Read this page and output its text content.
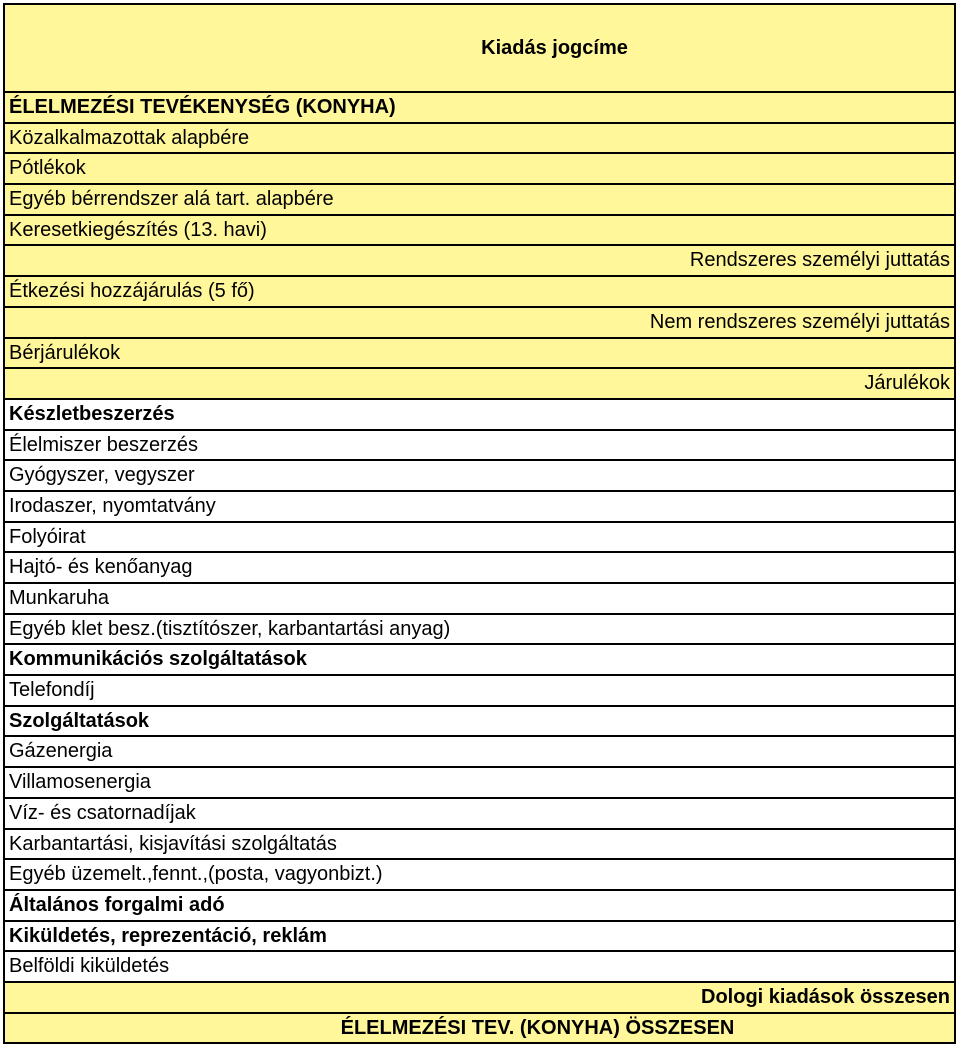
Kiadás jogcíme
ÉLELMEZÉSI TEVÉKENYSÉG (KONYHA)
Közalkalmazottak alapbére
Pótlékok
Egyéb bérrendszer alá tart. alapbére
Keresetkiegészítés (13. havi)
Rendszeres személyi juttatás
Étkezési hozzájárulás (5 fő)
Nem rendszeres személyi juttatás
Bérjárulékok
Járulékok
Készletbeszerzés
Élelmiszer beszerzés
Gyógyszer, vegyszer
Irodaszer, nyomtatvány
Folyóirat
Hajtó- és kenőanyag
Munkaruha
Egyéb klet besz.(tisztítószer, karbantartási anyag)
Kommunikációs szolgáltatások
Telefondíj
Szolgáltatások
Gázenergia
Villamosenergia
Víz- és csatornadíjak
Karbantartási, kisjavítási szolgáltatás
Egyéb üzemelt.,fennt.,(posta, vagyonbizt.)
Általános forgalmi adó
Kiküldetés, reprezentáció, reklám
Belföldi kiküldetés
Dologi kiadások összesen
ÉLELMEZÉSI TEV. (KONYHA) ÖSSZESEN
